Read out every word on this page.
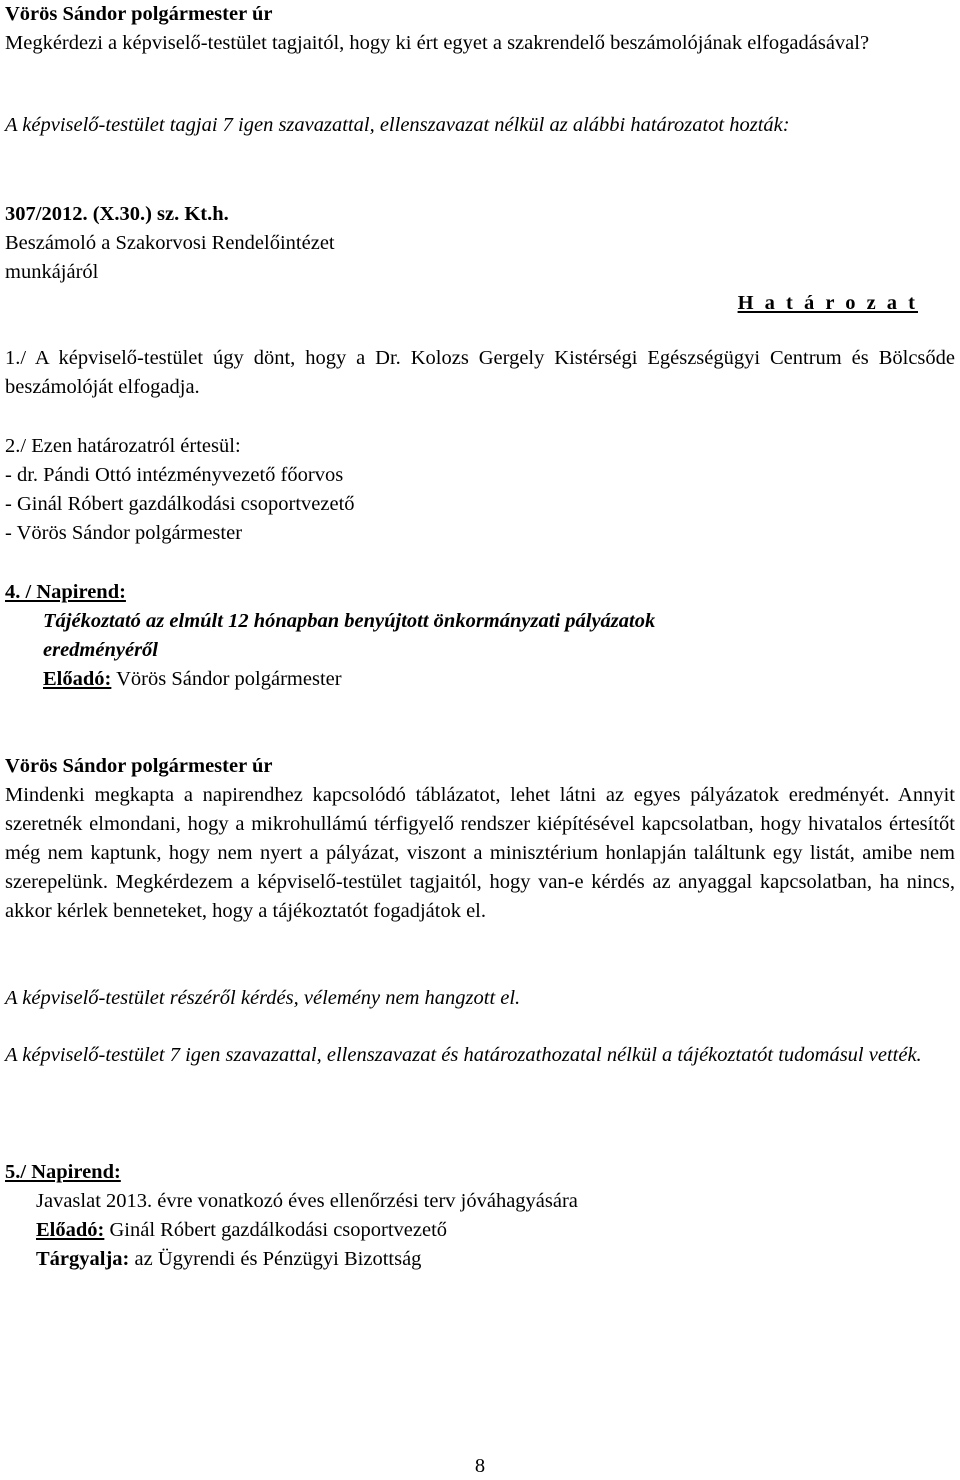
Vörös Sándor polgármester úr

Megkérdezi a képviselő-testület tagjaitól, hogy ki ért egyet a szakrendelő beszámolójának elfogadásával?

A képviselő-testület tagjai 7 igen szavazattal, ellenszavazat nélkül az alábbi határozatot hozták:

307/2012. (X.30.) sz. Kt.h.
Beszámoló a Szakorvosi Rendelőintézet
munkájáról
H a t á r o z a t

1./ A képviselő-testület úgy dönt, hogy a Dr. Kolozs Gergely Kistérségi Egészségügyi Centrum és Bölcsőde beszámolóját elfogadja.

2./ Ezen határozatról értesül:
- dr. Pándi Ottó intézményvezető főorvos
- Ginál Róbert gazdálkodási csoportvezető
- Vörös Sándor polgármester
4. / Napirend:
Tájékoztató az elmúlt 12 hónapban benyújtott önkormányzati pályázatok
eredményéről
Előadó: Vörös Sándor polgármester
Vörös Sándor polgármester úr

Mindenki megkapta a napirendhez kapcsolódó táblázatot, lehet látni az egyes pályázatok eredményét. Annyit szeretnék elmondani, hogy a mikrohullámú térfigyelő rendszer kiépítésével kapcsolatban, hogy hivatalos értesítőt még nem kaptunk, hogy nem nyert a pályázat, viszont a minisztérium honlapján találtunk egy listát, amibe nem szerepelünk. Megkérdezem a képviselő-testület tagjaitól, hogy van-e kérdés az anyaggal kapcsolatban, ha nincs, akkor kérlek benneteket, hogy a tájékoztatót fogadjátok el.

A képviselő-testület részéről kérdés, vélemény nem hangzott el.

A képviselő-testület 7 igen szavazattal, ellenszavazat és határozathozatal nélkül a tájékoztatót tudomásul vették.

5./ Napirend:
Javaslat 2013. évre vonatkozó éves ellenőrzési terv jóváhagyására
Előadó: Ginál Róbert gazdálkodási csoportvezető
Tárgyalja: az Ügyrendi és Pénzügyi Bizottság
8
